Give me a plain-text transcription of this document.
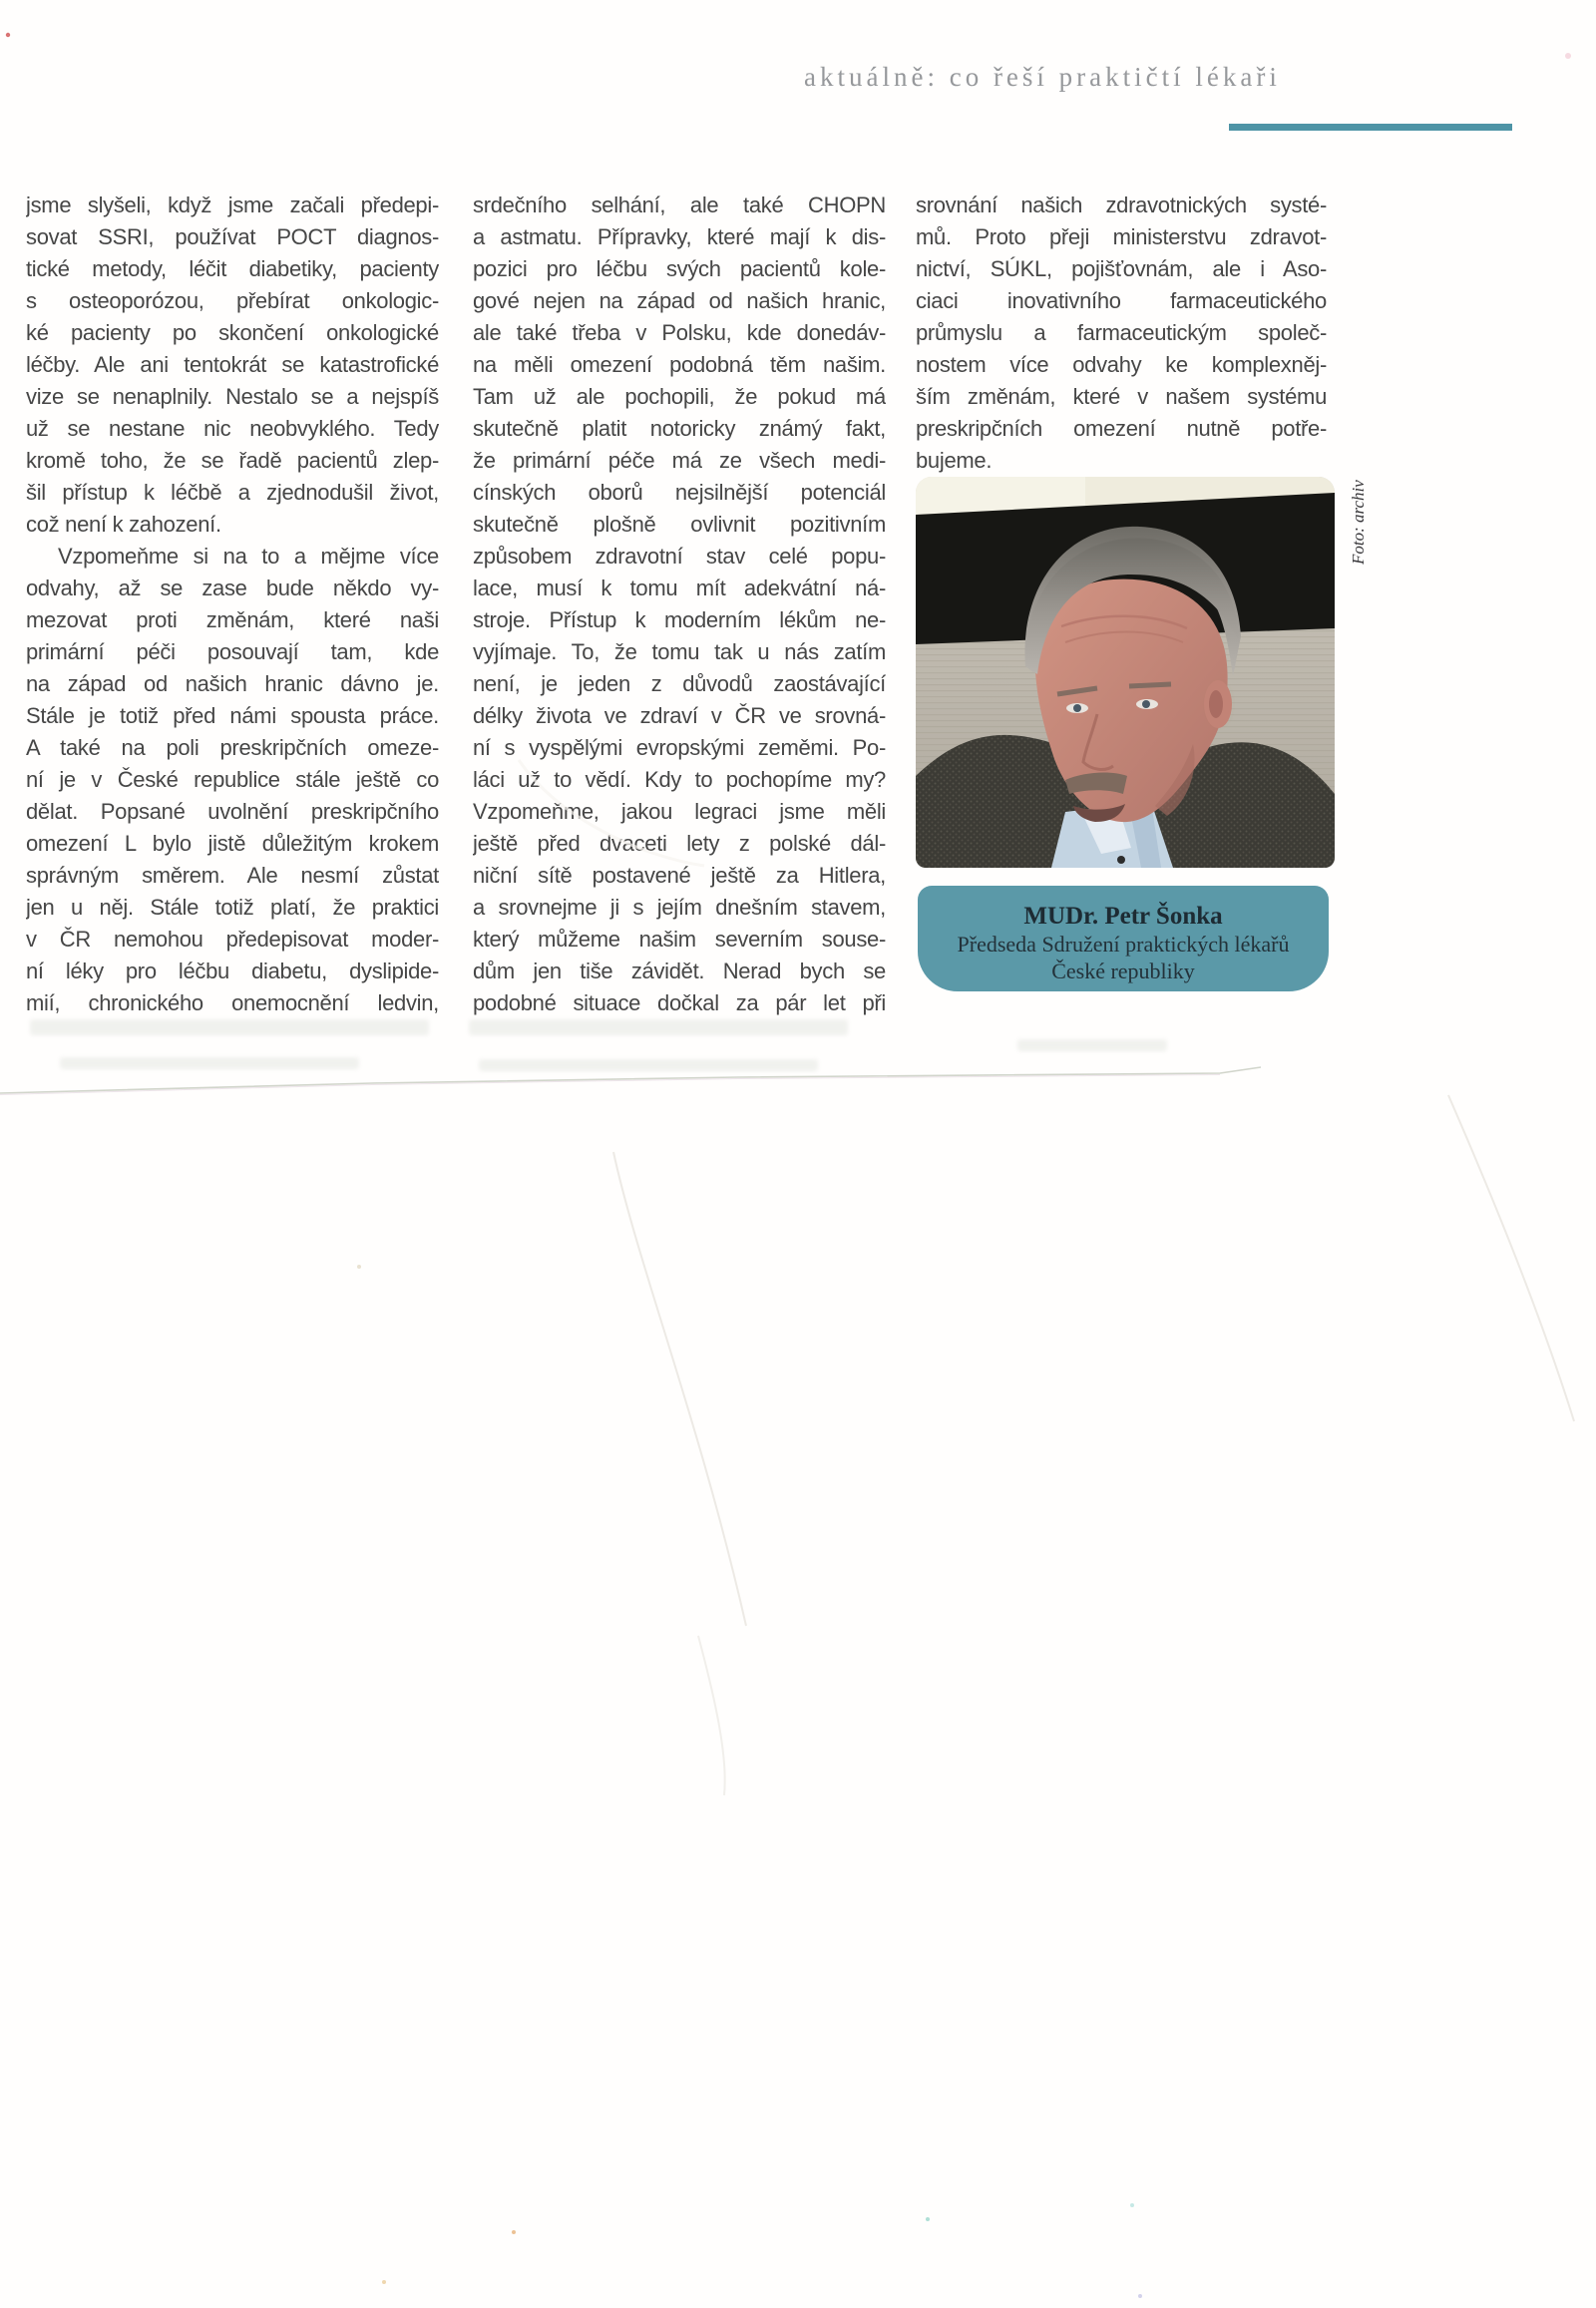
aktuálně: co řeší praktičtí lékaři
jsme slyšeli, když jsme začali předepi-
sovat SSRI, používat POCT diagnos-
tické metody, léčit diabetiky, pacienty
s osteoporózou, přebírat onkologic-
ké pacienty po skončení onkologické
léčby. Ale ani tentokrát se katastrofické
vize se nenaplnily. Nestalo se a nejspíš
už se nestane nic neobvyklého. Tedy
kromě toho, že se řadě pacientů zlep-
šil přístup k léčbě a zjednodušil život,
což není k zahození.
Vzpomeňme si na to a mějme více
odvahy, až se zase bude někdo vy-
mezovat proti změnám, které naši
primární péči posouvají tam, kde
na západ od našich hranic dávno je.
Stále je totiž před námi spousta práce.
A také na poli preskripčních omeze-
ní je v České republice stále ještě co
dělat. Popsané uvolnění preskripčního
omezení L bylo jistě důležitým krokem
správným směrem. Ale nesmí zůstat
jen u něj. Stále totiž platí, že praktici
v ČR nemohou předepisovat moder-
ní léky pro léčbu diabetu, dyslipide-
mií, chronického onemocnění ledvin,
srdečního selhání, ale také CHOPN
a astmatu. Přípravky, které mají k dis-
pozici pro léčbu svých pacientů kole-
gové nejen na západ od našich hranic,
ale také třeba v Polsku, kde donedáv-
na měli omezení podobná těm našim.
Tam už ale pochopili, že pokud má
skutečně platit notoricky známý fakt,
že primární péče má ze všech medi-
cínských oborů nejsilnější potenciál
skutečně plošně ovlivnit pozitivním
způsobem zdravotní stav celé popu-
lace, musí k tomu mít adekvátní ná-
stroje. Přístup k moderním lékům ne-
vyjímaje. To, že tomu tak u nás zatím
není, je jeden z důvodů zaostávající
délky života ve zdraví v ČR ve srovná-
ní s vyspělými evropskými zeměmi. Po-
láci už to vědí. Kdy to pochopíme my?
Vzpomeňme, jakou legraci jsme měli
ještě před dvaceti lety z polské dál-
niční sítě postavené ještě za Hitlera,
a srovnejme ji s jejím dnešním stavem,
který můžeme našim severním souse-
dům jen tiše závidět. Nerad bych se
podobné situace dočkal za pár let při
srovnání našich zdravotnických systé-
mů. Proto přeji ministerstvu zdravot-
nictví, SÚKL, pojišťovnám, ale i Aso-
ciaci inovativního farmaceutického
průmyslu a farmaceutickým společ-
nostem více odvahy ke komplexněj-
ším změnám, které v našem systému
preskripčních omezení nutně potře-
bujeme.
Foto: archiv
MUDr. Petr Šonka
Předseda Sdružení praktických lékařů
České republiky
